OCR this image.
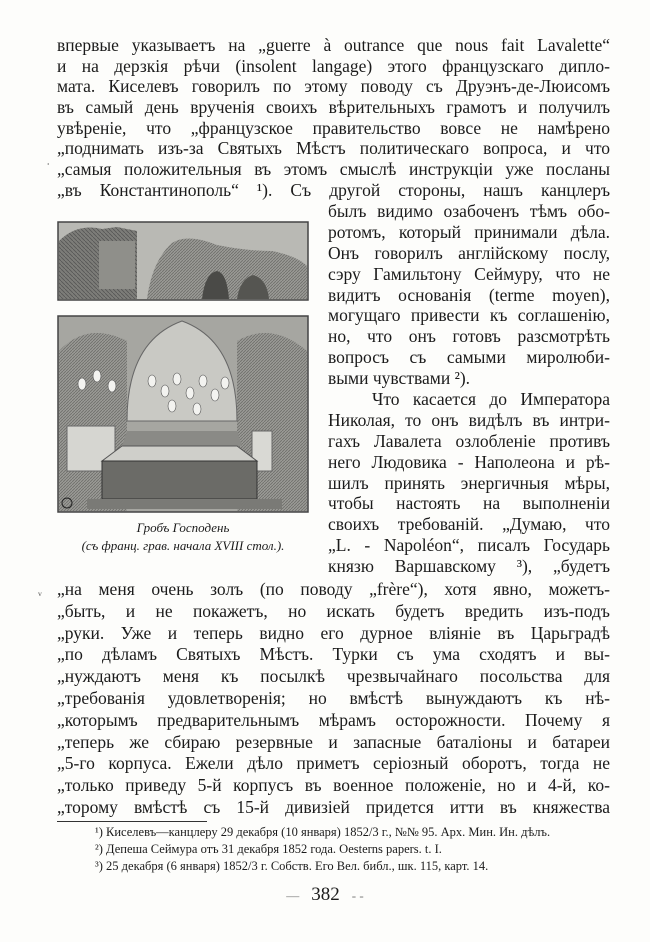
впервые указываетъ на „guerre à outrance que nous fait Lavalette“
и на дерзкія рѣчи (insolent langage) этого французскаго дипло-
мата. Киселевъ говорилъ по этому поводу съ Друэнъ-де-Люисомъ
въ самый день врученія своихъ вѣрительныхъ грамотъ и получилъ
увѣреніе, что „французское правительство вовсе не намѣрено
„поднимать изъ-за Святыхъ Мѣстъ политическаго вопроса, и что
„самыя положительныя въ этомъ смыслѣ инструкціи уже посланы
„въ Константинополь“ ¹). Съ другой стороны, нашъ канцлеръ
Гробъ Господень
(съ франц. грав. начала XVIII стол.).
былъ видимо озабоченъ тѣмъ обо-
ротомъ, который принимали дѣла.
Онъ говорилъ англійскому послу,
сэру Гамильтону Сеймуру, что не
видитъ основанія (terme moyen),
могущаго привести къ соглашенію,
но, что онъ готовъ разсмотрѣть
вопросъ съ самыми миролюби-
выми чувствами ²).
Что касается до Императора
Николая, то онъ видѣлъ въ интри-
гахъ Лавалета озлобленіе противъ
него Людовика - Наполеона и рѣ-
шилъ принять энергичныя мѣры,
чтобы настоять на выполненіи
своихъ требованій. „Думаю, что
„L. - Napoléon“, писалъ Государь
князю Варшавскому ³), „будетъ
„на меня очень золъ (по поводу „frère“), хотя явно, можетъ-
„быть, и не покажетъ, но искать будетъ вредить изъ-подъ
„руки. Уже и теперь видно его дурное вліяніе въ Царьградѣ
„по дѣламъ Святыхъ Мѣстъ. Турки съ ума сходятъ и вы-
„нуждаютъ меня къ посылкѣ чрезвычайнаго посольства для
„требованія удовлетворенія; но вмѣстѣ вынуждаютъ къ нѣ-
„которымъ предварительнымъ мѣрамъ осторожности. Почему я
„теперь же сбираю резервные и запасные баталіоны и батареи
„5-го корпуса. Ежели дѣло приметъ серіозный оборотъ, тогда не
„только приведу 5-й корпусъ въ военное положеніе, но и 4-й, ко-
„торому вмѣстѣ съ 15-й дивизіей придется итти въ княжества
¹) Киселевъ—канцлеру 29 декабря (10 января) 1852/3 г., №№ 95. Арх. Мин. Ин. дѣлъ.
²) Депеша Сеймура отъ 31 декабря 1852 года. Oesterns papers. t. I.
³) 25 декабря (6 января) 1852/3 г. Собств. Его Вел. библ., шк. 115, карт. 14.
— 382 - -
ˌ
ᵥ
